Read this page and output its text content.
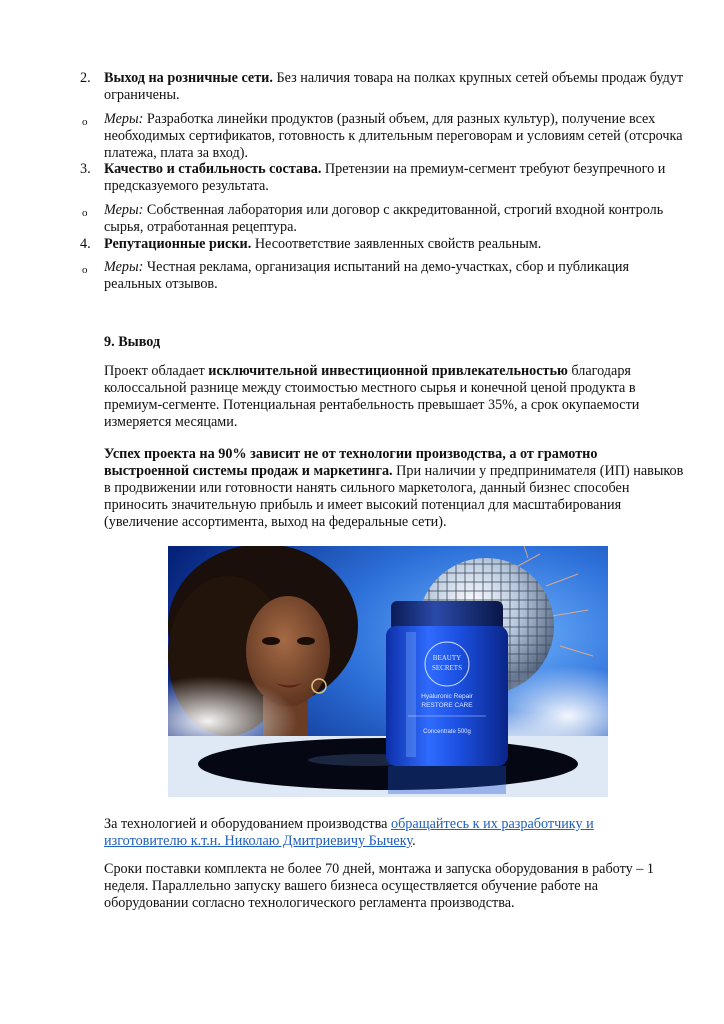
2. Выход на розничные сети. Без наличия товара на полках крупных сетей объемы продаж будут ограничены.
o Меры: Разработка линейки продуктов (разный объем, для разных культур), получение всех необходимых сертификатов, готовность к длительным переговорам и условиям сетей (отсрочка платежа, плата за вход).
3. Качество и стабильность состава. Претензии на премиум-сегмент требуют безупречного и предсказуемого результата.
o Меры: Собственная лаборатория или договор с аккредитованной, строгий входной контроль сырья, отработанная рецептура.
4. Репутационные риски. Несоответствие заявленных свойств реальным.
o Меры: Честная реклама, организация испытаний на демо-участках, сбор и публикация реальных отзывов.
9. Вывод
Проект обладает исключительной инвестиционной привлекательностью благодаря колоссальной разнице между стоимостью местного сырья и конечной ценой продукта в премиум-сегменте. Потенциальная рентабельность превышает 35%, а срок окупаемости измеряется месяцами.
Успех проекта на 90% зависит не от технологии производства, а от грамотно выстроенной системы продаж и маркетинга. При наличии у предпринимателя (ИП) навыков в продвижении или готовности нанять сильного маркетолога, данный бизнес способен приносить значительную прибыль и имеет высокий потенциал для масштабирования (увеличение ассортимента, выход на федеральные сети).
BEAUTY
SECRETS
Hyaluronic Repair
RESTORE CARE
Concentrate 500g
За технологией и оборудованием производства обращайтесь к их разработчику и
изготовителю к.т.н. Николаю Дмитриевичу Бычеку.
Сроки поставки комплекта не более 70 дней, монтажа и запуска оборудования в работу – 1 неделя. Параллельно запуску вашего бизнеса осуществляется обучение работе на оборудовании согласно технологического регламента производства.
